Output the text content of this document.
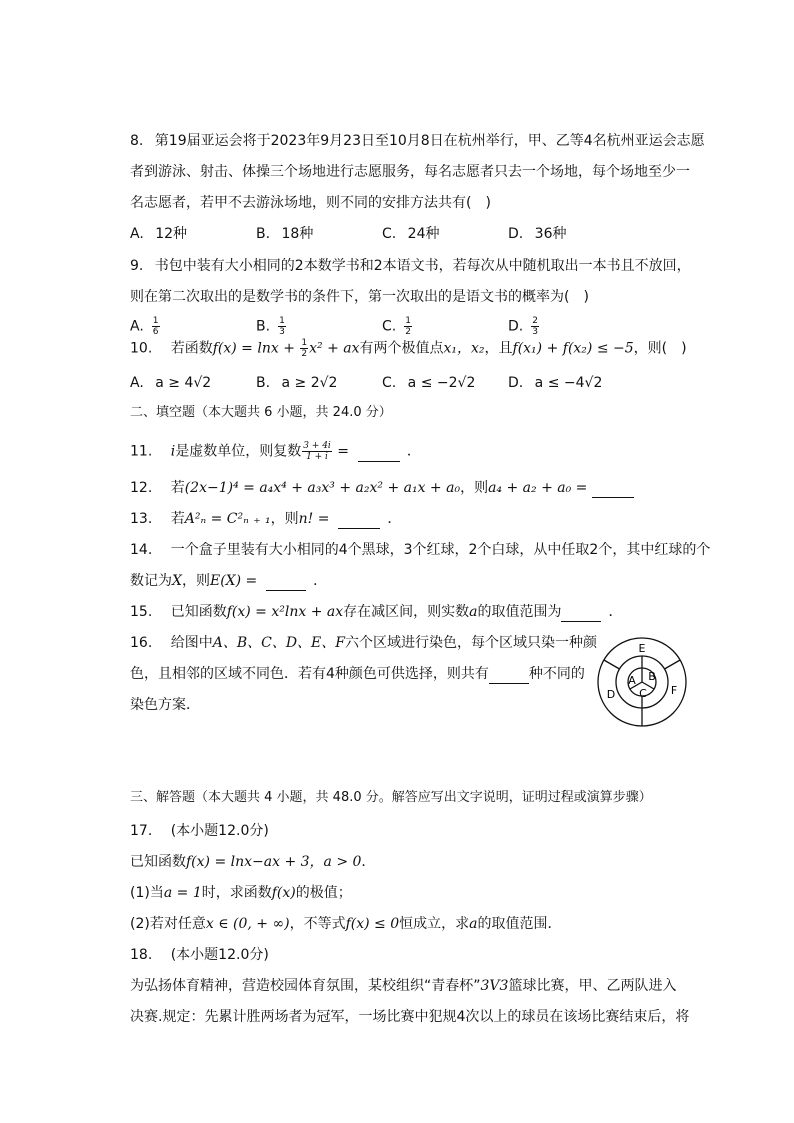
8.  第19届亚运会将于2023年9月23日至10月8日在杭州举行，甲、乙等4名杭州亚运会志愿
者到游泳、射击、体操三个场地进行志愿服务，每名志愿者只去一个场地，每个场地至少一
名志愿者，若甲不去游泳场地，则不同的安排方法共有(  )
A.  12种	B.  18种	C.  24种	D.  36种
9.  书包中装有大小相同的2本数学书和2本语文书，若每次从中随机取出一本书且不放回，
则在第二次取出的是数学书的条件下，第一次取出的是语文书的概率为(  )
A.  $\frac{1}{6}$	B.  $\frac{1}{3}$	C.  $\frac{1}{2}$	D.  $\frac{2}{3}$
10.   若函数$f(x) = \ln x + \frac{1}{2} x^2$ + ax有两个极值点x₁，x₂，且f(x₁) + f(x₂) ≤ −5，则(  )
A.  a ≥ 4√2	B.  a ≥ 2√2	C.  a ≤ −2√2 D.  a ≤ −4√2
二、填空题（本大题共 6 小题，共 24.0 分）
11.   i是虚数单位，则复数 $\frac{3 + 4i}{1 + i}$ =   	．
12.   若(2x−1)⁴ = a₄x⁴ + a₃x³ + a₂x² + a₁x + a₀，则a₄ + a₂ + a₀ =
13.   若A²ₙ = C²ₙ ₊ ₁，则n! =   	．
14.   一个盒子里装有大小相同的4个黑球，3个红球，2个白球，从中任取2个，其中红球的个
数记为X，则E(X) =   	．
15.   已知函数f(x) = x²lnx + ax存在减区间，则实数a的取值范围为 	．
16.   给图中A、B、C、D、E、F六个区域进行染色，每个区域只染一种颜
色，且相邻的区域不同色．若有4种颜色可供选择，则共有	种不同的
染色方案．
E
A B
C
D	F
三、解答题（本大题共 4 小题，共 48.0 分。解答应写出文字说明，证明过程或演算步骤）
17.   (本小题12.0分)
已知函数f(x) = lnx−ax + 3，a > 0．
(1)当a = 1时，求函数f(x)的极值；
(2)若对任意x ∈ (0, + ∞)，不等式f(x) ≤ 0恒成立，求a的取值范围．
18.   (本小题12.0分)
为弘扬体育精神，营造校园体育氛围，某校组织“青春杯”3V3篮球比赛，甲、乙两队进入
决赛.规定：先累计胜两场者为冠军，一场比赛中犯规4次以上的球员在该场比赛结束后，将
